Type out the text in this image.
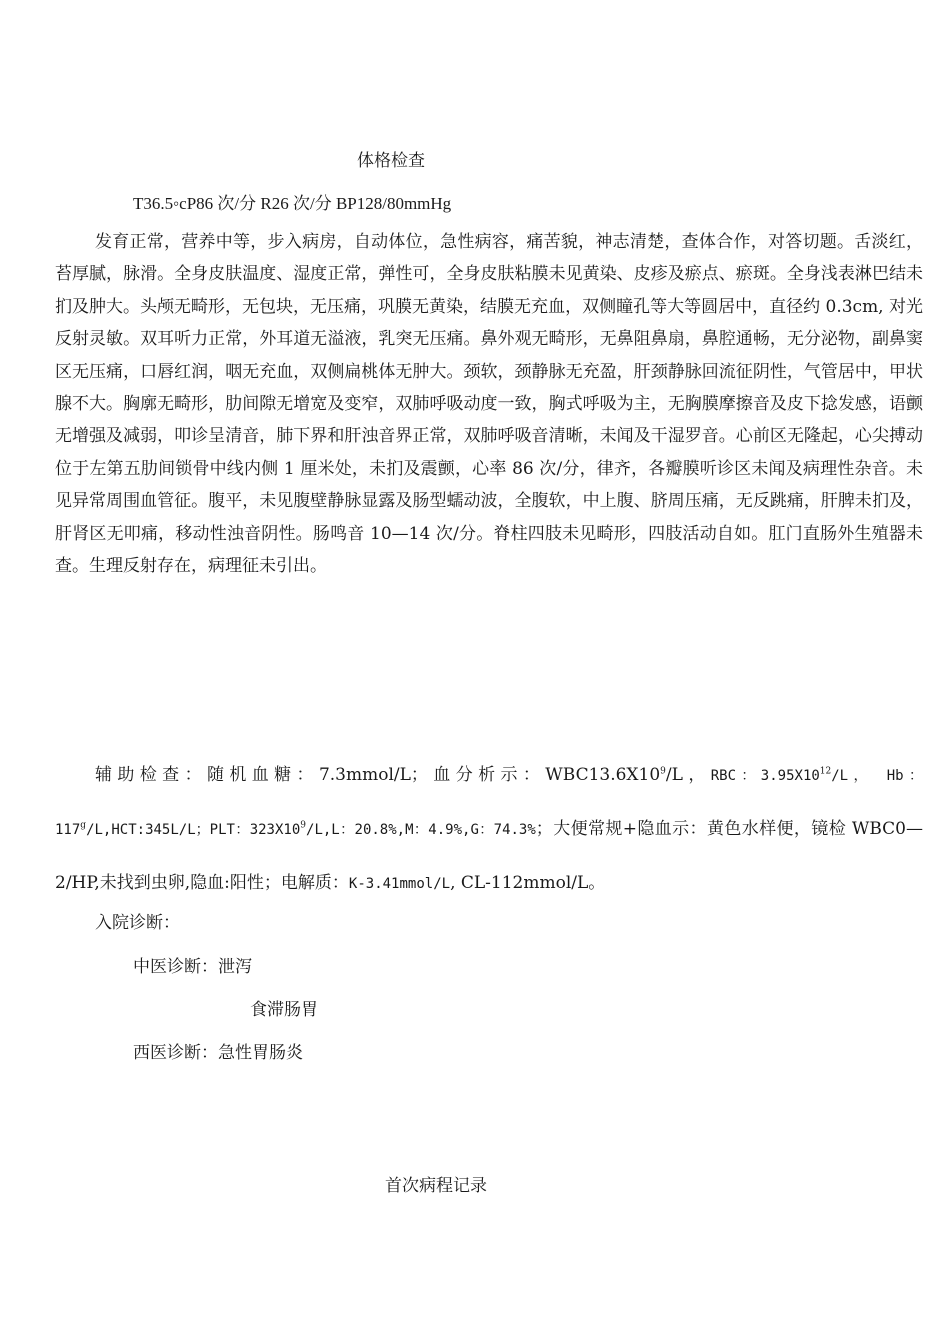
体格检查
T36.5◦cP86 次/分 R26 次/分 BP128/80mmHg

发育正常，营养中等，步入病房，自动体位，急性病容，痛苦貌，神志清楚，查体合作，对答切题。舌淡红，苔厚腻，脉滑。全身皮肤温度、湿度正常，弹性可，全身皮肤粘膜未见黄染、皮疹及瘀点、瘀斑。全身浅表淋巴结未扪及肿大。头颅无畸形，无包块，无压痛，巩膜无黄染，结膜无充血，双侧瞳孔等大等圆居中，直径约 0.3cm, 对光反射灵敏。双耳听力正常，外耳道无溢液，乳突无压痛。鼻外观无畸形，无鼻阻鼻扇，鼻腔通畅，无分泌物，副鼻窦区无压痛，口唇红润，咽无充血，双侧扁桃体无肿大。颈软，颈静脉无充盈，肝颈静脉回流征阴性，气管居中，甲状腺不大。胸廓无畸形，肋间隙无增宽及变窄，双肺呼吸动度一致，胸式呼吸为主，无胸膜摩擦音及皮下捻发感，语颤无增强及减弱，叩诊呈清音，肺下界和肝浊音界正常，双肺呼吸音清晰，未闻及干湿罗音。心前区无隆起，心尖搏动位于左第五肋间锁骨中线内侧 1 厘米处，未扪及震颤，心率 86 次/分，律齐，各瓣膜听诊区未闻及病理性杂音。未见异常周围血管征。腹平，未见腹壁静脉显露及肠型蠕动波，全腹软，中上腹、脐周压痛，无反跳痛，肝脾未扪及，肝肾区无叩痛，移动性浊音阴性。肠鸣音 10—14 次/分。脊柱四肢未见畸形，四肢活动自如。肛门直肠外生殖器未查。生理反射存在，病理征未引出。

辅助检查：随机血糖：7.3mmol/L；血分析示：$WBC13.6X10^9/L$，RBC：$3.95X10^{12}/L$， Hb：117$^g$/L,HCT:345L/L；PLT：$323X10^9/L,L$：20.8%,M：4.9%,G：74.3%；大便常规+隐血示：黄色水样便，镜检 WBC0—2/HP,未找到虫卵,隐血:阳性；电解质：K-3.41mmol/L, CL-112mmol/L。

入院诊断：
中医诊断：泄泻
食滞肠胃
西医诊断：急性胃肠炎
首次病程记录
